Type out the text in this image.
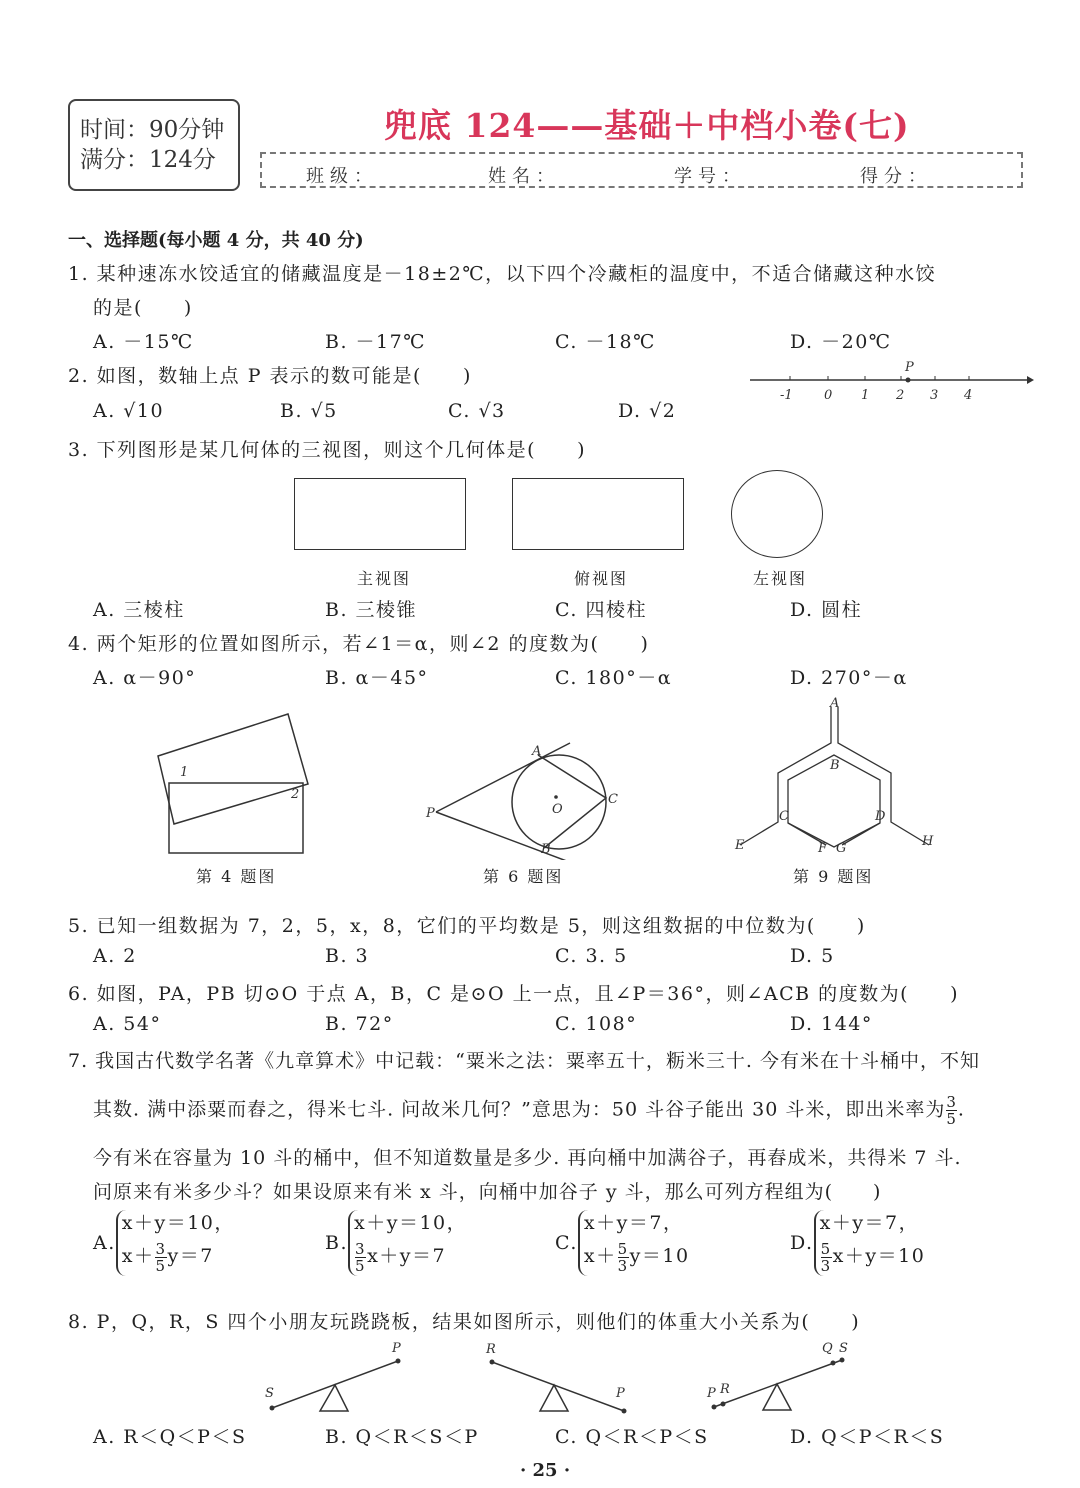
时间：90分钟
满分：124分
兜底 124——基础＋中档小卷(七)
班级：	姓名：	学号：	得分：
一、选择题(每小题 4 分，共 40 分)
1. 某种速冻水饺适宜的储藏温度是－18±2℃，以下四个冷藏柜的温度中，不适合储藏这种水饺
的是(　　)
A. －15℃	B. －17℃	C. －18℃	D. －20℃
2. 如图，数轴上点 P 表示的数可能是(　　)
A. √10	B. √5	C. √3	D. √2
P
-1 0 1 2 3 4
3. 下列图形是某几何体的三视图，则这个几何体是(　　)
主视图	俯视图	左视图
A. 三棱柱	B. 三棱锥	C. 四棱柱	D. 圆柱
4. 两个矩形的位置如图所示，若∠1＝α，则∠2 的度数为(　　)
A. α－90°	B. α－45°	C. 180°－α	D. 270°－α
1
2
第 4 题图
A
B
C
O
P
第 6 题图
A
B
C	D
E	F G	H
第 9 题图
5. 已知一组数据为 7，2，5，x，8，它们的平均数是 5，则这组数据的中位数为(　　)
A. 2	B. 3	C. 3. 5	D. 5
6. 如图，PA，PB 切⊙O 于点 A，B，C 是⊙O 上一点，且∠P＝36°，则∠ACB 的度数为(　　)
A. 54°	B. 72°	C. 108°	D. 144°
7. 我国古代数学名著《九章算术》中记载：“粟米之法：粟率五十，粝米三十. 今有米在十斗桶中，不知
其数. 满中添粟而舂之，得米七斗. 问故米几何？”意思为：50 斗谷子能出 30 斗米，即出米率为 $\frac{3}{5}$ .
今有米在容量为 10 斗的桶中，但不知道数量是多少. 再向桶中加满谷子，再舂成米，共得米 7 斗.
问原来有米多少斗？如果设原来有米 x 斗，向桶中加谷子 y 斗，那么可列方程组为(　　)
A.
x＋y＝10，
$x+ \frac{3}{5} y=7$
B.
x＋y＝10，
$\frac{3}{5} x+y=7$
C.
x＋y＝7，
$x+ \frac{5}{3} y=10$
D.
x＋y＝7，
$\frac{5}{3} x+y=10$
8. P，Q，R，S 四个小朋友玩跷跷板，结果如图所示，则他们的体重大小关系为(　　)
S
P	R
P	P R
Q S
A. R＜Q＜P＜S	B. Q＜R＜S＜P	C. Q＜R＜P＜S	D. Q＜P＜R＜S
· 25 ·
